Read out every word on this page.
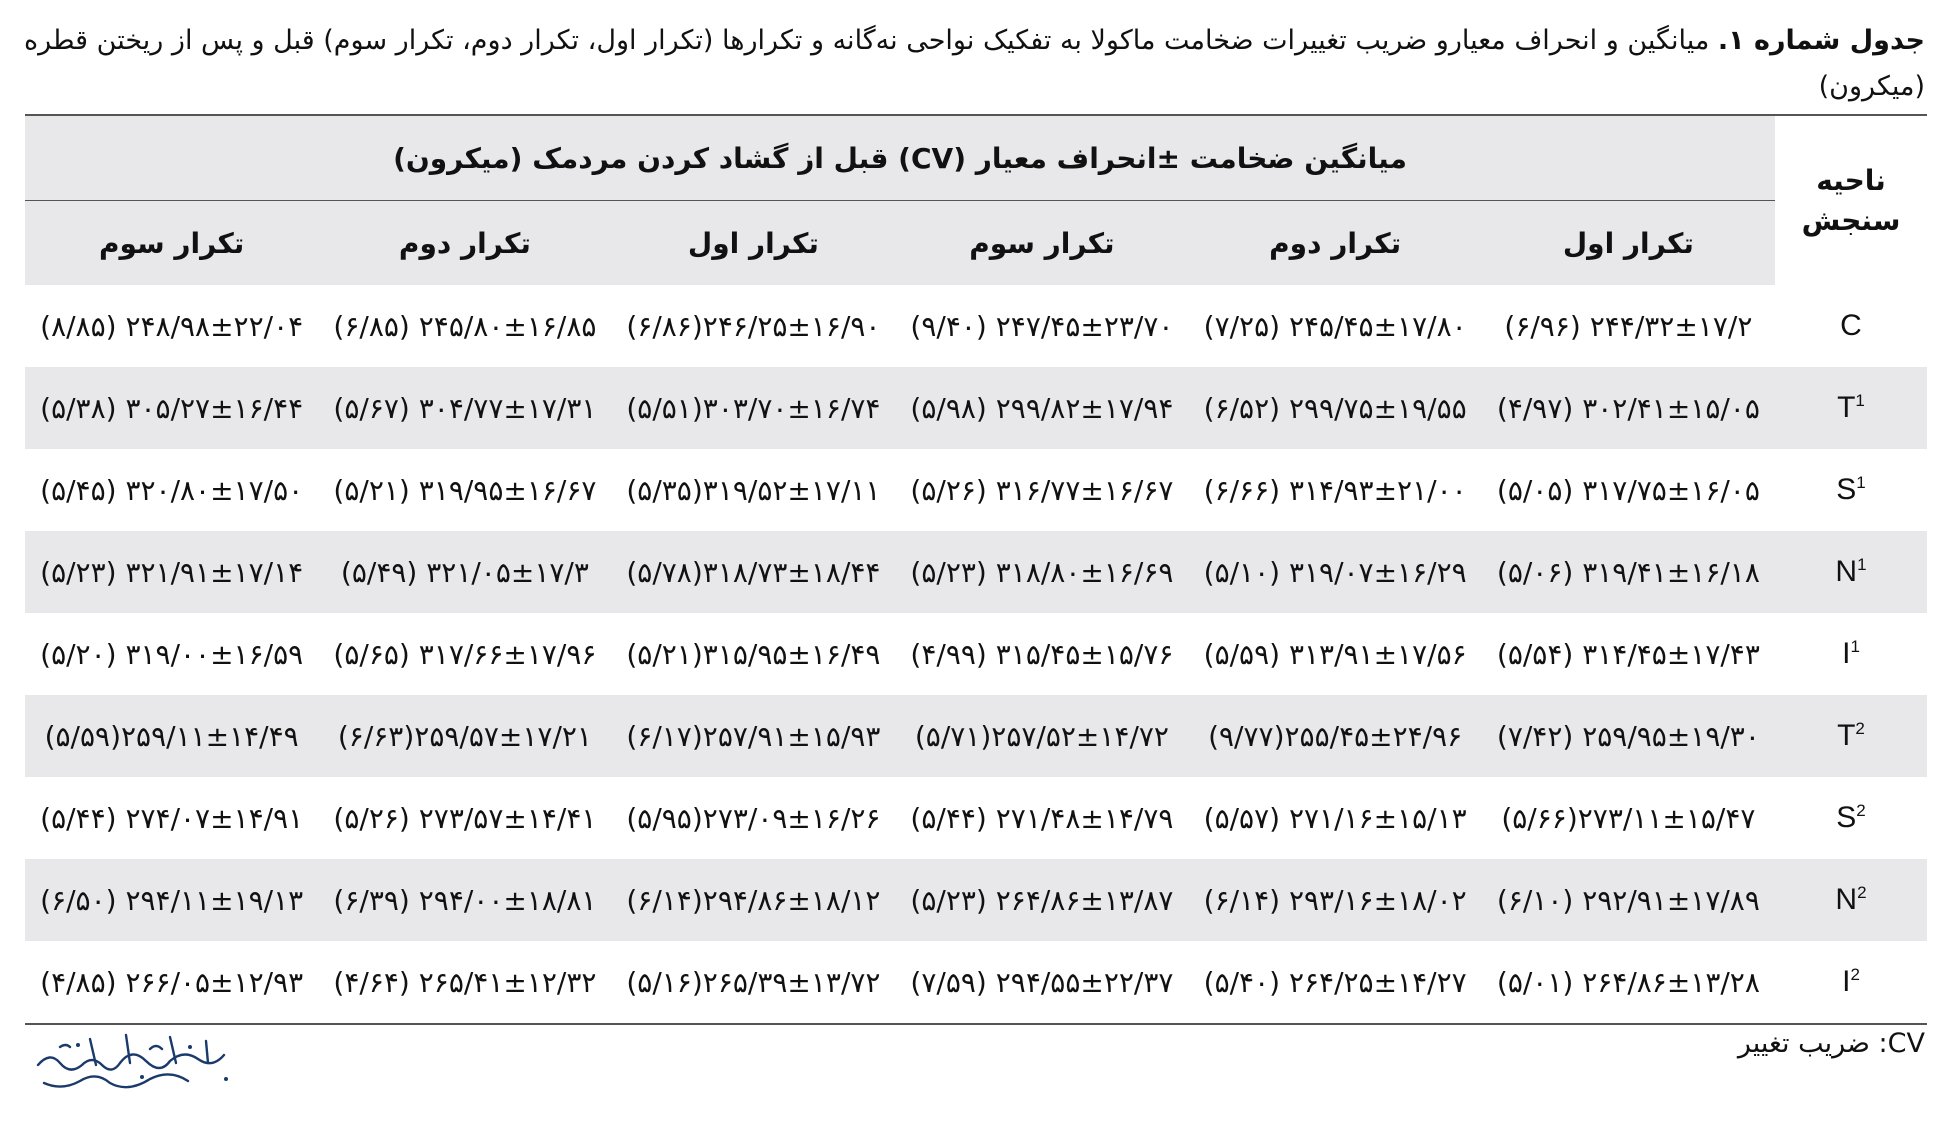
جدول شماره ۱. میانگین و انحراف معیارو ضریب تغییرات ضخامت ماکولا به تفکیک نواحی نه‌گانه و تکرارها (تکرار اول، تکرار دوم، تکرار سوم) قبل و پس از ریختن قطره (میکرون)
ناحیه سنجش	میانگین ضخامت ±انحراف معیار (CV) قبل از گشاد کردن مردمک (میکرون)					
	تکرار اول	تکرار دوم	تکرار سوم	تکرار اول	تکرار دوم	تکرار سوم
C	۲۴۴/۳۲±۱۷/۲ (۶/۹۶)	۲۴۵/۴۵±۱۷/۸۰ (۷/۲۵)	۲۴۷/۴۵±۲۳/۷۰ (۹/۴۰)	۲۴۶/۲۵±۱۶/۹۰(۶/۸۶)	۲۴۵/۸۰±۱۶/۸۵ (۶/۸۵)	۲۴۸/۹۸±۲۲/۰۴ (۸/۸۵)
$T^1$	۳۰۲/۴۱±۱۵/۰۵ (۴/۹۷)	۲۹۹/۷۵±۱۹/۵۵ (۶/۵۲)	۲۹۹/۸۲±۱۷/۹۴ (۵/۹۸)	۳۰۳/۷۰±۱۶/۷۴(۵/۵۱)	۳۰۴/۷۷±۱۷/۳۱ (۵/۶۷)	۳۰۵/۲۷±۱۶/۴۴ (۵/۳۸)
$S^1$	۳۱۷/۷۵±۱۶/۰۵ (۵/۰۵)	۳۱۴/۹۳±۲۱/۰۰ (۶/۶۶)	۳۱۶/۷۷±۱۶/۶۷ (۵/۲۶)	۳۱۹/۵۲±۱۷/۱۱(۵/۳۵)	۳۱۹/۹۵±۱۶/۶۷ (۵/۲۱)	۳۲۰/۸۰±۱۷/۵۰ (۵/۴۵)
$N^1$	۳۱۹/۴۱±۱۶/۱۸ (۵/۰۶)	۳۱۹/۰۷±۱۶/۲۹ (۵/۱۰)	۳۱۸/۸۰±۱۶/۶۹ (۵/۲۳)	۳۱۸/۷۳±۱۸/۴۴(۵/۷۸)	۳۲۱/۰۵±۱۷/۳ (۵/۴۹)	۳۲۱/۹۱±۱۷/۱۴ (۵/۲۳)
$I^1$	۳۱۴/۴۵±۱۷/۴۳ (۵/۵۴)	۳۱۳/۹۱±۱۷/۵۶ (۵/۵۹)	۳۱۵/۴۵±۱۵/۷۶ (۴/۹۹)	۳۱۵/۹۵±۱۶/۴۹(۵/۲۱)	۳۱۷/۶۶±۱۷/۹۶ (۵/۶۵)	۳۱۹/۰۰±۱۶/۵۹ (۵/۲۰)
$T^2$	۲۵۹/۹۵±۱۹/۳۰ (۷/۴۲)	۲۵۵/۴۵±۲۴/۹۶(۹/۷۷)	۲۵۷/۵۲±۱۴/۷۲(۵/۷۱)	۲۵۷/۹۱±۱۵/۹۳(۶/۱۷)	۲۵۹/۵۷±۱۷/۲۱(۶/۶۳)	۲۵۹/۱۱±۱۴/۴۹(۵/۵۹)
$S^2$	۲۷۳/۱۱±۱۵/۴۷(۵/۶۶)	۲۷۱/۱۶±۱۵/۱۳ (۵/۵۷)	۲۷۱/۴۸±۱۴/۷۹ (۵/۴۴)	۲۷۳/۰۹±۱۶/۲۶(۵/۹۵)	۲۷۳/۵۷±۱۴/۴۱ (۵/۲۶)	۲۷۴/۰۷±۱۴/۹۱ (۵/۴۴)
$N^2$	۲۹۲/۹۱±۱۷/۸۹ (۶/۱۰)	۲۹۳/۱۶±۱۸/۰۲ (۶/۱۴)	۲۶۴/۸۶±۱۳/۸۷ (۵/۲۳)	۲۹۴/۸۶±۱۸/۱۲(۶/۱۴)	۲۹۴/۰۰±۱۸/۸۱ (۶/۳۹)	۲۹۴/۱۱±۱۹/۱۳ (۶/۵۰)
$I^2$	۲۶۴/۸۶±۱۳/۲۸ (۵/۰۱)	۲۶۴/۲۵±۱۴/۲۷ (۵/۴۰)	۲۹۴/۵۵±۲۲/۳۷ (۷/۵۹)	۲۶۵/۳۹±۱۳/۷۲(۵/۱۶)	۲۶۵/۴۱±۱۲/۳۲ (۴/۶۴)	۲۶۶/۰۵±۱۲/۹۳ (۴/۸۵)
CV: ضریب تغییر
